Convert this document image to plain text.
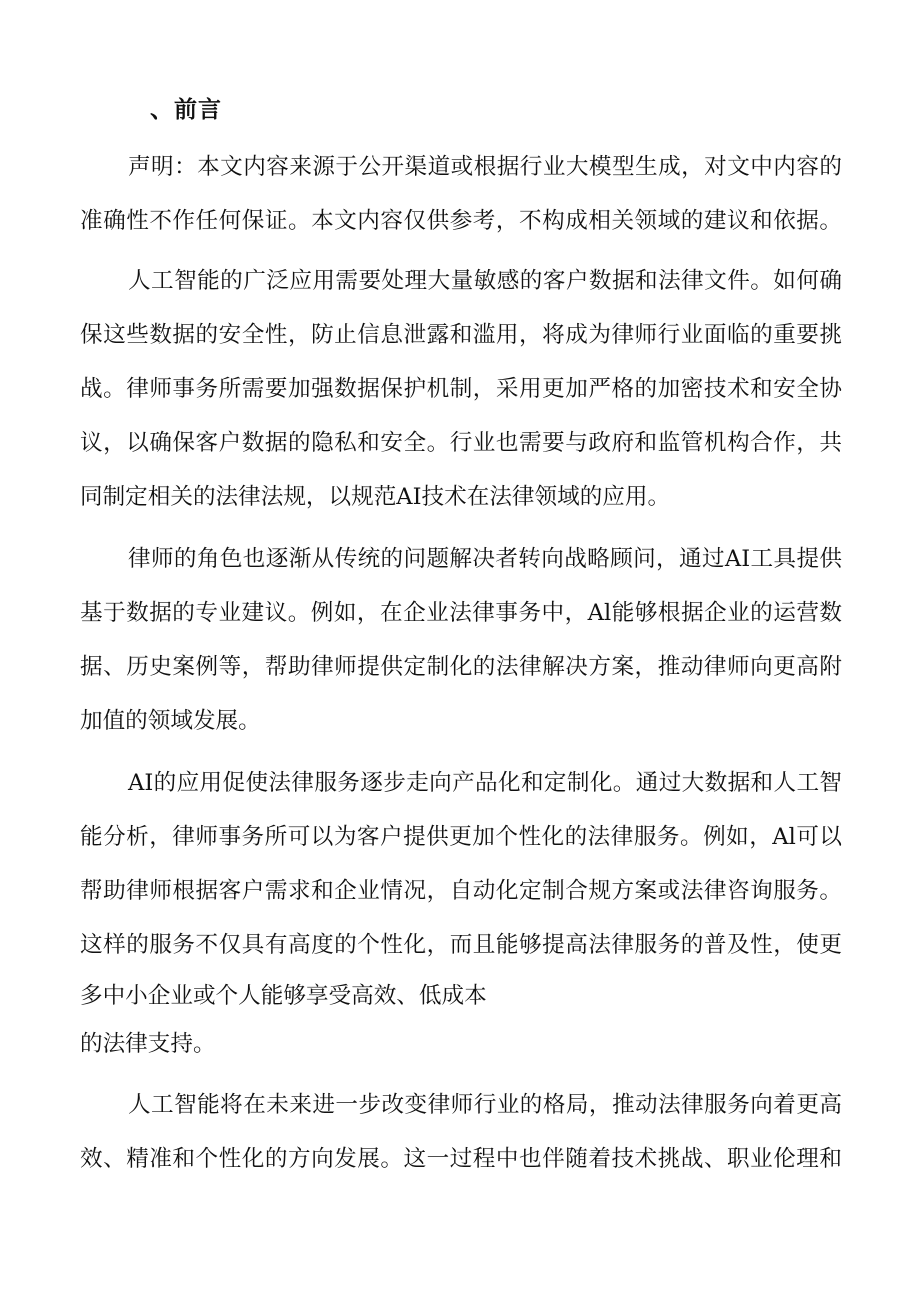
、前言
声明：本文内容来源于公开渠道或根据行业大模型生成，对文中内容的
准确性不作任何保证。本文内容仅供参考，不构成相关领域的建议和依据。
人工智能的广泛应用需要处理大量敏感的客户数据和法律文件。如何确
保这些数据的安全性，防止信息泄露和滥用，将成为律师行业面临的重要挑
战。律师事务所需要加强数据保护机制，采用更加严格的加密技术和安全协
议，以确保客户数据的隐私和安全。行业也需要与政府和监管机构合作，共
同制定相关的法律法规，以规范AI技术在法律领域的应用。
律师的角色也逐渐从传统的问题解决者转向战略顾问，通过AI工具提供
基于数据的专业建议。例如，在企业法律事务中，Al能够根据企业的运营数
据、历史案例等，帮助律师提供定制化的法律解决方案，推动律师向更高附
加值的领域发展。
AI的应用促使法律服务逐步走向产品化和定制化。通过大数据和人工智
能分析，律师事务所可以为客户提供更加个性化的法律服务。例如，Al可以
帮助律师根据客户需求和企业情况，自动化定制合规方案或法律咨询服务。
这样的服务不仅具有高度的个性化，而且能够提高法律服务的普及性，使更
多中小企业或个人能够享受高效、低成本
的法律支持。
人工智能将在未来进一步改变律师行业的格局，推动法律服务向着更高
效、精准和个性化的方向发展。这一过程中也伴随着技术挑战、职业伦理和
